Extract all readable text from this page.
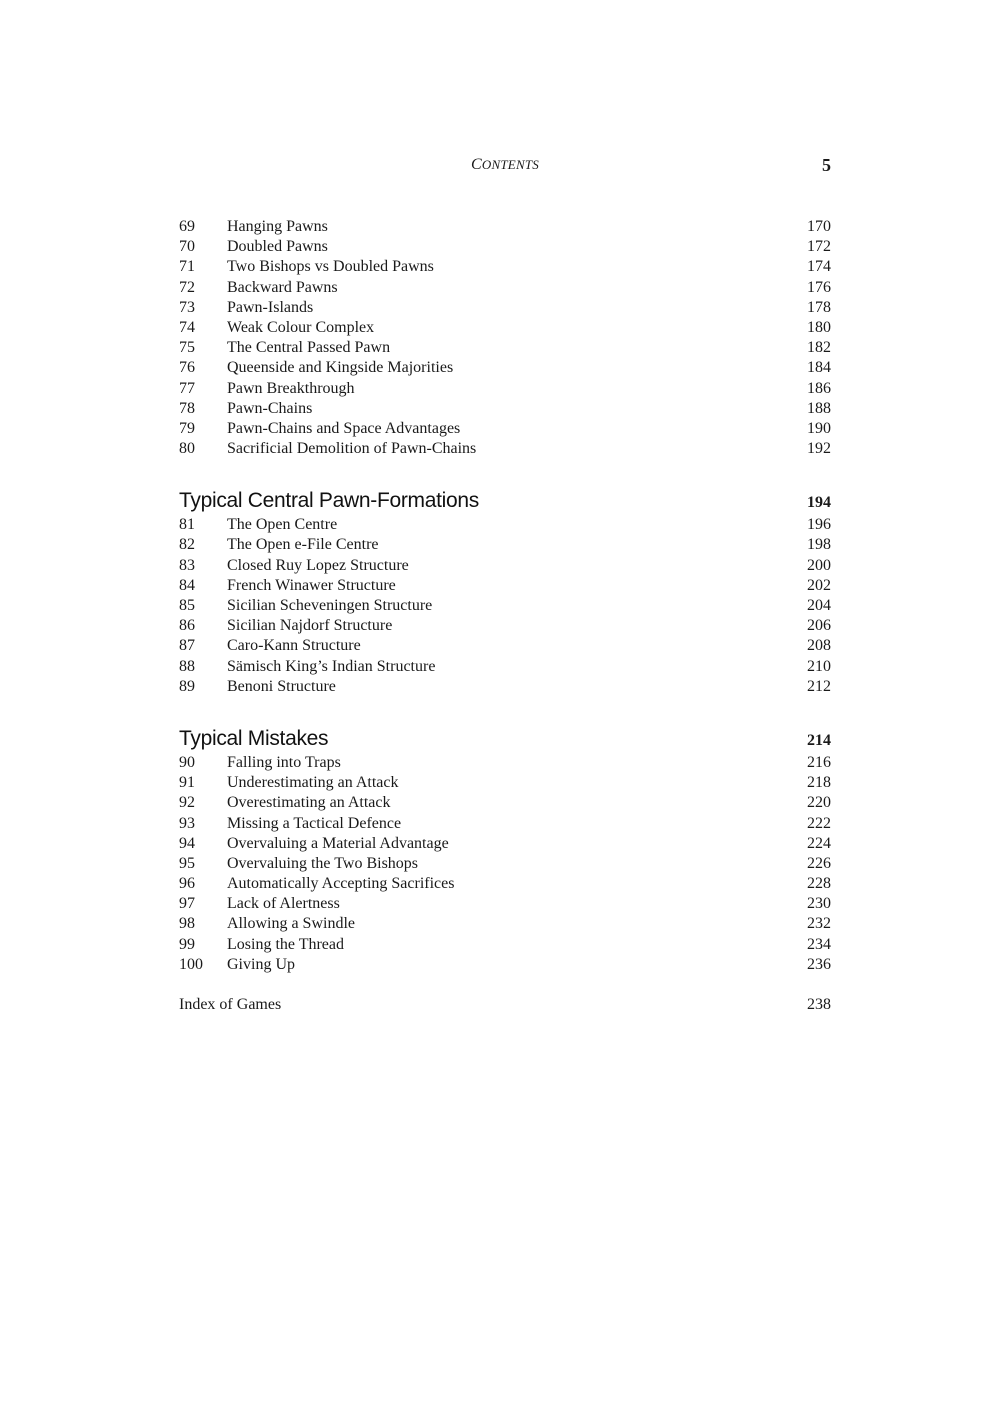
CONTENTS	5
69 Hanging Pawns	170
70 Doubled Pawns	172
71 Two Bishops vs Doubled Pawns	174
72 Backward Pawns	176
73 Pawn-Islands	178
74 Weak Colour Complex	180
75 The Central Passed Pawn	182
76 Queenside and Kingside Majorities	184
77 Pawn Breakthrough	186
78 Pawn-Chains	188
79 Pawn-Chains and Space Advantages	190
80 Sacrificial Demolition of Pawn-Chains	192
Typical Central Pawn-Formations	194
81 The Open Centre	196
82 The Open e-File Centre	198
83 Closed Ruy Lopez Structure	200
84 French Winawer Structure	202
85 Sicilian Scheveningen Structure	204
86 Sicilian Najdorf Structure	206
87 Caro-Kann Structure	208
88 Sämisch King’s Indian Structure	210
89 Benoni Structure	212
Typical Mistakes	214
90 Falling into Traps	216
91 Underestimating an Attack	218
92 Overestimating an Attack	220
93 Missing a Tactical Defence	222
94 Overvaluing a Material Advantage	224
95 Overvaluing the Two Bishops	226
96 Automatically Accepting Sacrifices	228
97 Lack of Alertness	230
98 Allowing a Swindle	232
99 Losing the Thread	234
100 Giving Up	236
Index of Games	238
